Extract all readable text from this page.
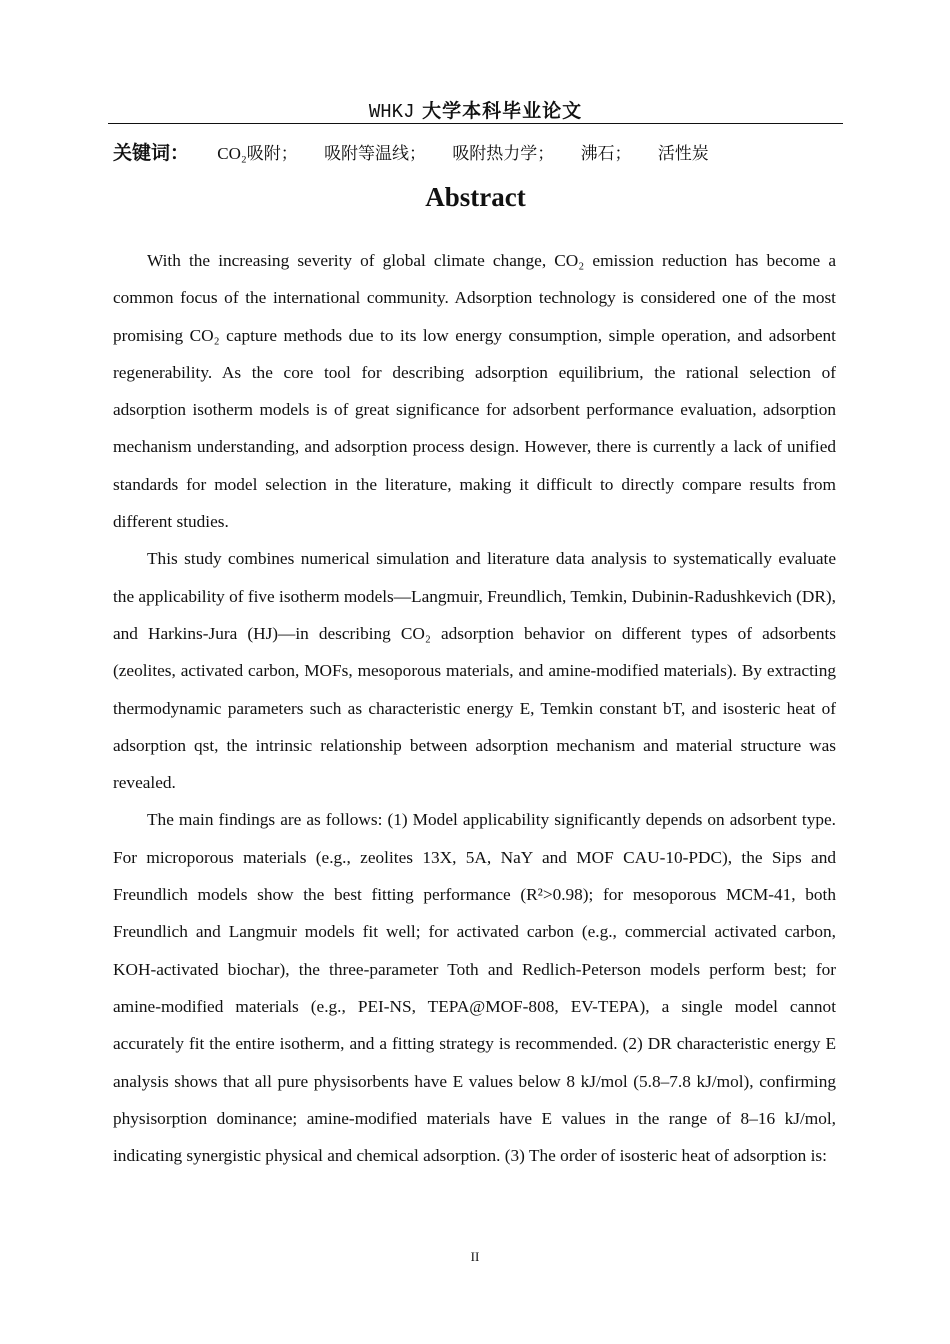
WHKJ 大学本科毕业论文
关键词： CO₂吸附； 吸附等温线； 吸附热力学； 沸石； 活性炭
Abstract

With the increasing severity of global climate change, CO₂ emission reduction has become a common focus of the international community. Adsorption technology is considered one of the most promising CO₂ capture methods due to its low energy consumption, simple operation, and adsorbent regenerability. As the core tool for describing adsorption equilibrium, the rational selection of adsorption isotherm models is of great significance for adsorbent performance evaluation, adsorption mechanism understanding, and adsorption process design. However, there is currently a lack of unified standards for model selection in the literature, making it difficult to directly compare results from different studies.

This study combines numerical simulation and literature data analysis to systematically evaluate the applicability of five isotherm models—Langmuir, Freundlich, Temkin, Dubinin-Radushkevich (DR), and Harkins-Jura (HJ)—in describing CO₂ adsorption behavior on different types of adsorbents (zeolites, activated carbon, MOFs, mesoporous materials, and amine-modified materials). By extracting thermodynamic parameters such as characteristic energy E, Temkin constant bT, and isosteric heat of adsorption qst, the intrinsic relationship between adsorption mechanism and material structure was revealed.

The main findings are as follows: (1) Model applicability significantly depends on adsorbent type. For microporous materials (e.g., zeolites 13X, 5A, NaY and MOF CAU-10-PDC), the Sips and Freundlich models show the best fitting performance (R²>0.98); for mesoporous MCM-41, both Freundlich and Langmuir models fit well; for activated carbon (e.g., commercial activated carbon, KOH-activated biochar), the three-parameter Toth and Redlich-Peterson models perform best; for amine-modified materials (e.g., PEI-NS, TEPA@MOF-808, EV-TEPA), a single model cannot accurately fit the entire isotherm, and a fitting strategy is recommended. (2) DR characteristic energy E analysis shows that all pure physisorbents have E values below 8 kJ/mol (5.8–7.8 kJ/mol), confirming physisorption dominance; amine-modified materials have E values in the range of 8–16 kJ/mol, indicating synergistic physical and chemical adsorption. (3) The order of isosteric heat of adsorption is:

II
